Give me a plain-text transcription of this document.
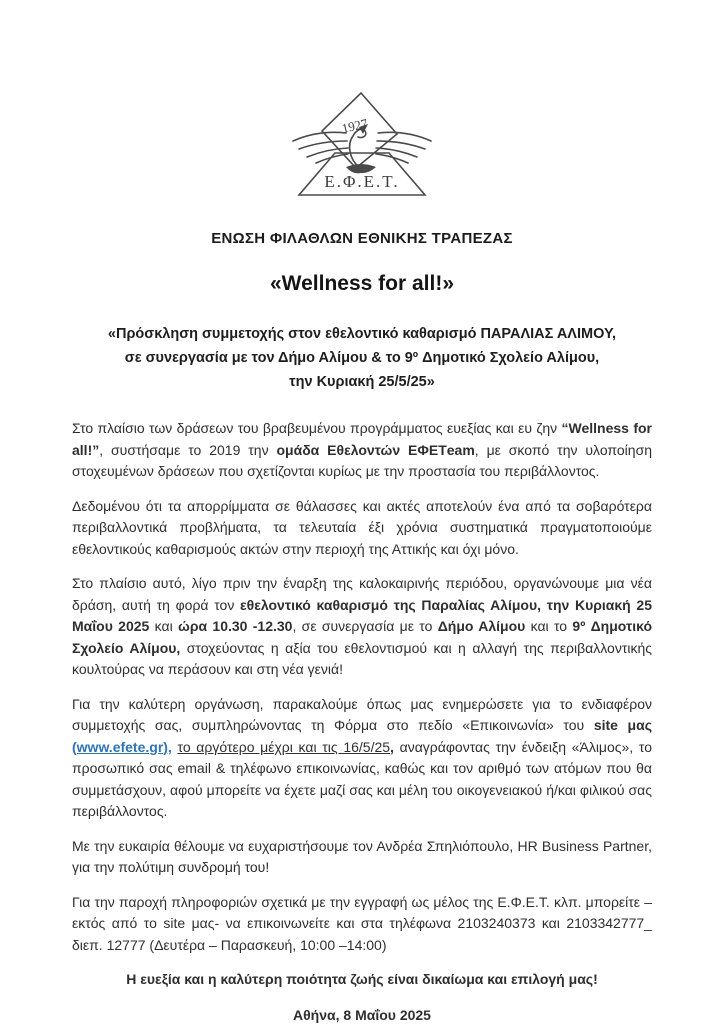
1927
Ε.Φ.Ε.Τ.
ΕΝΩΣΗ ΦΙΛΑΘΛΩΝ ΕΘΝΙΚΗΣ ΤΡΑΠΕΖΑΣ
«Wellness for all!»
«Πρόσκληση συμμετοχής στον εθελοντικό καθαρισμό ΠΑΡΑΛΙΑΣ ΑΛΙΜΟΥ,
σε συνεργασία με τον Δήμο Αλίμου & το 9º Δημοτικό Σχολείο Αλίμου,
την Κυριακή 25/5/25»

Στο πλαίσιο των δράσεων του βραβευμένου προγράμματος ευεξίας και ευ ζην “Wellness for all!”, συστήσαμε το 2019 την ομάδα Εθελοντών ΕΦΕΤeam, με σκοπό την υλοποίηση στοχευμένων δράσεων που σχετίζονται κυρίως με την προστασία του περιβάλλοντος.

Δεδομένου ότι τα απορρίμματα σε θάλασσες και ακτές αποτελούν ένα από τα σοβαρότερα περιβαλλοντικά προβλήματα, τα τελευταία έξι χρόνια συστηματικά πραγματοποιούμε εθελοντικούς καθαρισμούς ακτών στην περιοχή της Αττικής και όχι μόνο.

Στο πλαίσιο αυτό, λίγο πριν την έναρξη της καλοκαιρινής περιόδου, οργανώνουμε μια νέα δράση, αυτή τη φορά τον εθελοντικό καθαρισμό της Παραλίας Αλίμου, την Κυριακή 25 Μαΐου 2025 και ώρα 10.30 -12.30, σε συνεργασία με το Δήμο Αλίμου και το 9º Δημοτικό Σχολείο Αλίμου, στοχεύοντας η αξία του εθελοντισμού και η αλλαγή της περιβαλλοντικής κουλτούρας να περάσουν και στη νέα γενιά!

Για την καλύτερη οργάνωση, παρακαλούμε όπως μας ενημερώσετε για το ενδιαφέρον συμμετοχής σας, συμπληρώνοντας τη Φόρμα στο πεδίο «Επικοινωνία» του site μας (www.efete.gr), το αργότερο μέχρι και τις 16/5/25, αναγράφοντας την ένδειξη «Άλιμος», το προσωπικό σας email & τηλέφωνο επικοινωνίας, καθώς και τον αριθμό των ατόμων που θα συμμετάσχουν, αφού μπορείτε να έχετε μαζί σας και μέλη του οικογενειακού ή/και φιλικού σας περιβάλλοντος.

Με την ευκαιρία θέλουμε να ευχαριστήσουμε τον Ανδρέα Σπηλιόπουλο, HR Business Partner, για την πολύτιμη συνδρομή του!

Για την παροχή πληροφοριών σχετικά με την εγγραφή ως μέλος της Ε.Φ.Ε.Τ. κλπ. μπορείτε – εκτός από το site μας- να επικοινωνείτε και στα τηλέφωνα 2103240373 και 2103342777_ διεπ. 12777 (Δευτέρα – Παρασκευή, 10:00 –14:00)

Η ευεξία και η καλύτερη ποιότητα ζωής είναι δικαίωμα και επιλογή μας!

Αθήνα, 8 Μαΐου 2025
